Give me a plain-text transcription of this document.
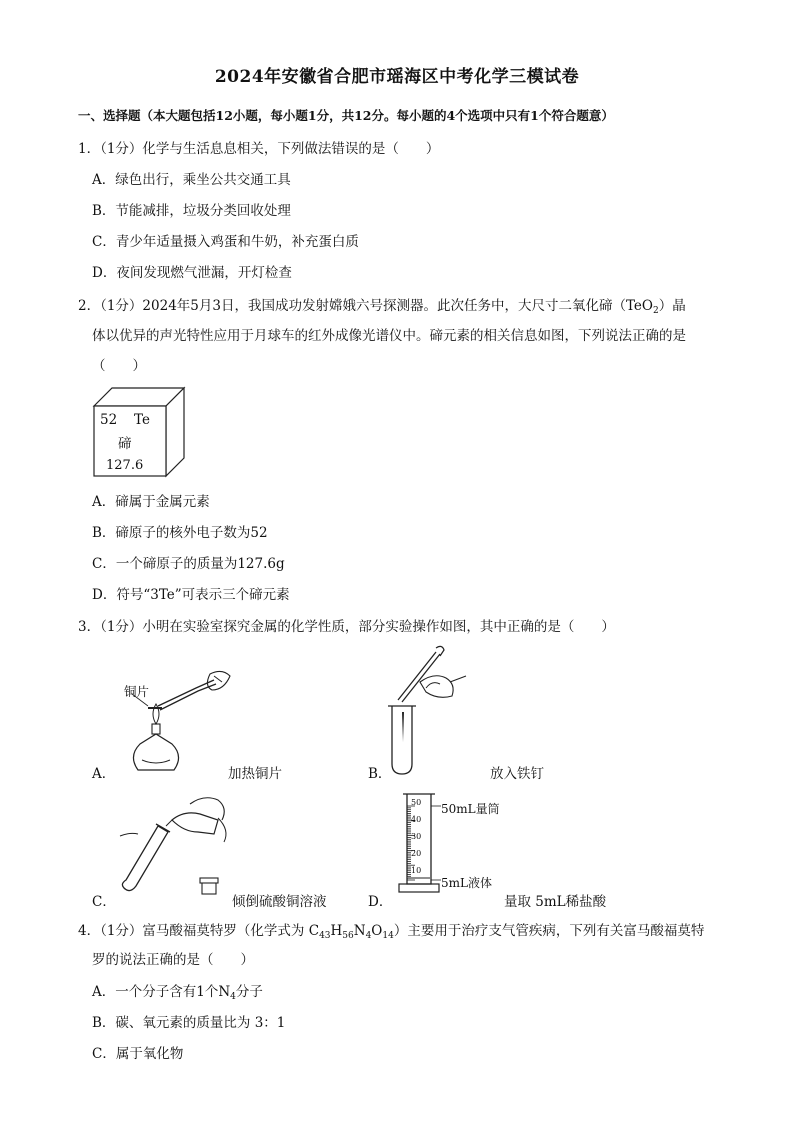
2024年安徽省合肥市瑶海区中考化学三模试卷
一、选择题（本大题包括12小题，每小题1分，共12分。每小题的4个选项中只有1个符合题意）
1．（1分）化学与生活息息相关，下列做法错误的是（　　）
A．绿色出行，乘坐公共交通工具
B．节能减排，垃圾分类回收处理
C．青少年适量摄入鸡蛋和牛奶，补充蛋白质
D．夜间发现燃气泄漏，开灯检查
2．（1分）2024年5月3日，我国成功发射嫦娥六号探测器。此次任务中，大尺寸二氧化碲（TeO$_2$）晶
体以优异的声光特性应用于月球车的红外成像光谱仪中。碲元素的相关信息如图，下列说法正确的是
（　　）
52 Te
碲
127.6
A．碲属于金属元素
B．碲原子的核外电子数为52
C．一个碲原子的质量为127.6g
D．符号“3Te”可表示三个碲元素
3．（1分）小明在实验室探究金属的化学性质，部分实验操作如图，其中正确的是（　　）
铜片
A．	加热铜片	B．	放入铁钉
C．	倾倒硫酸铜溶液
50
40
30
20
10
50mL量筒
5mL液体
D．	量取 5mL稀盐酸
4．（1分）富马酸福莫特罗（化学式为 $C_{43}H_{56}N_4O_{14}$）主要用于治疗支气管疾病，下列有关富马酸福莫特
罗的说法正确的是（　　）
A．一个分子含有1个$N_4$分子
B．碳、氧元素的质量比为 3：1
C．属于氧化物
